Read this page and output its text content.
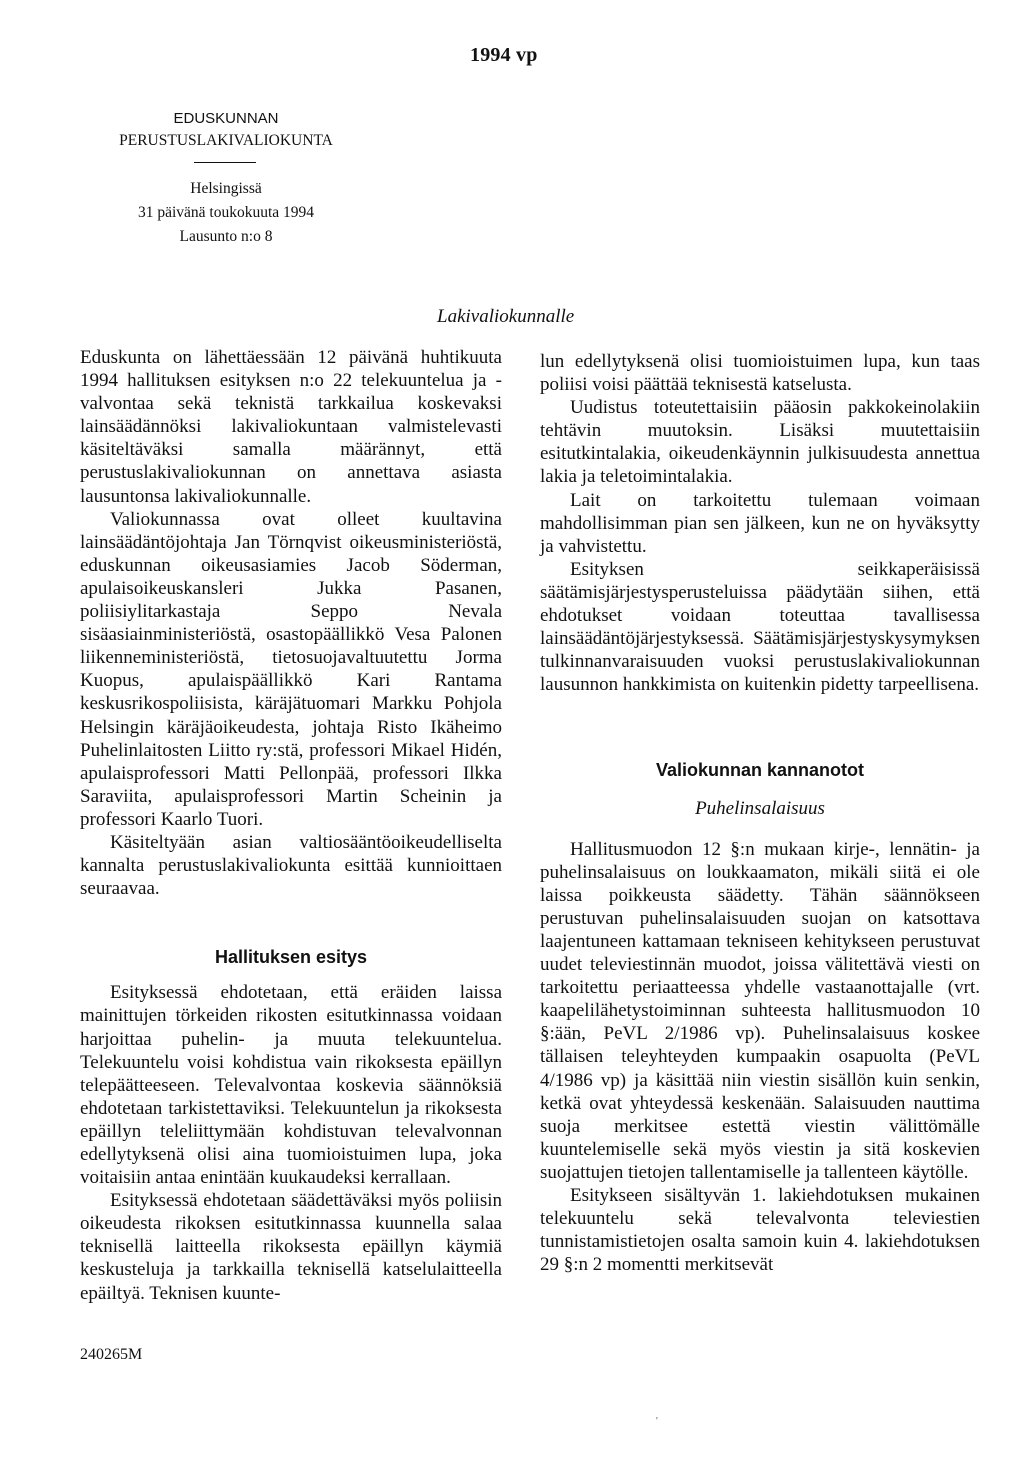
1994 vp
EDUSKUNNAN
PERUSTUSLAKIVALIOKUNTA
Helsingissä
31 päivänä toukokuuta 1994
Lausunto n:o 8
Lakivaliokunnalle

Eduskunta on lähettäessään 12 päivänä huhtikuuta 1994 hallituksen esityksen n:o 22 telekuuntelua ja -valvontaa sekä teknistä tarkkailua koskevaksi lainsäädännöksi lakivaliokuntaan valmistelevasti käsiteltäväksi samalla määrännyt, että perustuslakivaliokunnan on annettava asiasta lausuntonsa lakivaliokunnalle.

Valiokunnassa ovat olleet kuultavina lainsäädäntöjohtaja Jan Törnqvist oikeusministeriöstä, eduskunnan oikeusasiamies Jacob Söderman, apulaisoikeuskansleri Jukka Pasanen, poliisiylitarkastaja Seppo Nevala sisäasiainministeriöstä, osastopäällikkö Vesa Palonen liikenneministeriöstä, tietosuojavaltuutettu Jorma Kuopus, apulaispäällikkö Kari Rantama keskusrikospoliisista, käräjätuomari Markku Pohjola Helsingin käräjäoikeudesta, johtaja Risto Ikäheimo Puhelinlaitosten Liitto ry:stä, professori Mikael Hidén, apulaisprofessori Matti Pellonpää, professori Ilkka Saraviita, apulaisprofessori Martin Scheinin ja professori Kaarlo Tuori.

Käsiteltyään asian valtiosääntöoikeudelliselta kannalta perustuslakivaliokunta esittää kunnioittaen seuraavaa.

Hallituksen esitys

Esityksessä ehdotetaan, että eräiden laissa mainittujen törkeiden rikosten esitutkinnassa voidaan harjoittaa puhelin- ja muuta telekuuntelua. Telekuuntelu voisi kohdistua vain rikoksesta epäillyn telepäätteeseen. Televalvontaa koskevia säännöksiä ehdotetaan tarkistettaviksi. Telekuuntelun ja rikoksesta epäillyn teleliittymään kohdistuvan televalvonnan edellytyksenä olisi aina tuomioistuimen lupa, joka voitaisiin antaa enintään kuukaudeksi kerrallaan.

Esityksessä ehdotetaan säädettäväksi myös poliisin oikeudesta rikoksen esitutkinnassa kuunnella salaa teknisellä laitteella rikoksesta epäillyn käymiä keskusteluja ja tarkkailla teknisellä katselulaitteella epäiltyä. Teknisen kuunte-

lun edellytyksenä olisi tuomioistuimen lupa, kun taas poliisi voisi päättää teknisestä katselusta.

Uudistus toteutettaisiin pääosin pakkokeinolakiin tehtävin muutoksin. Lisäksi muutettaisiin esitutkintalakia, oikeudenkäynnin julkisuudesta annettua lakia ja teletoimintalakia.

Lait on tarkoitettu tulemaan voimaan mahdollisimman pian sen jälkeen, kun ne on hyväksytty ja vahvistettu.

Esityksen seikkaperäisissä säätämisjärjestysperusteluissa päädytään siihen, että ehdotukset voidaan toteuttaa tavallisessa lainsäädäntöjärjestyksessä. Säätämisjärjestyskysymyksen tulkinnanvaraisuuden vuoksi perustuslakivaliokunnan lausunnon hankkimista on kuitenkin pidetty tarpeellisena.

Valiokunnan kannanotot
Puhelinsalaisuus

Hallitusmuodon 12 §:n mukaan kirje-, lennätin- ja puhelinsalaisuus on loukkaamaton, mikäli siitä ei ole laissa poikkeusta säädetty. Tähän säännökseen perustuvan puhelinsalaisuuden suojan on katsottava laajentuneen kattamaan tekniseen kehitykseen perustuvat uudet televiestinnän muodot, joissa välitettävä viesti on tarkoitettu periaatteessa yhdelle vastaanottajalle (vrt. kaapelilähetystoiminnan suhteesta hallitusmuodon 10 §:ään, PeVL 2/1986 vp). Puhelinsalaisuus koskee tällaisen teleyhteyden kumpaakin osapuolta (PeVL 4/1986 vp) ja käsittää niin viestin sisällön kuin senkin, ketkä ovat yhteydessä keskenään. Salaisuuden nauttima suoja merkitsee estettä viestin välittömälle kuuntelemiselle sekä myös viestin ja sitä koskevien suojattujen tietojen tallentamiselle ja tallenteen käytölle.

Esitykseen sisältyvän 1. lakiehdotuksen mukainen telekuuntelu sekä televalvonta televiestien tunnistamistietojen osalta samoin kuin 4. lakiehdotuksen 29 §:n 2 momentti merkitsevät

240265M
'
